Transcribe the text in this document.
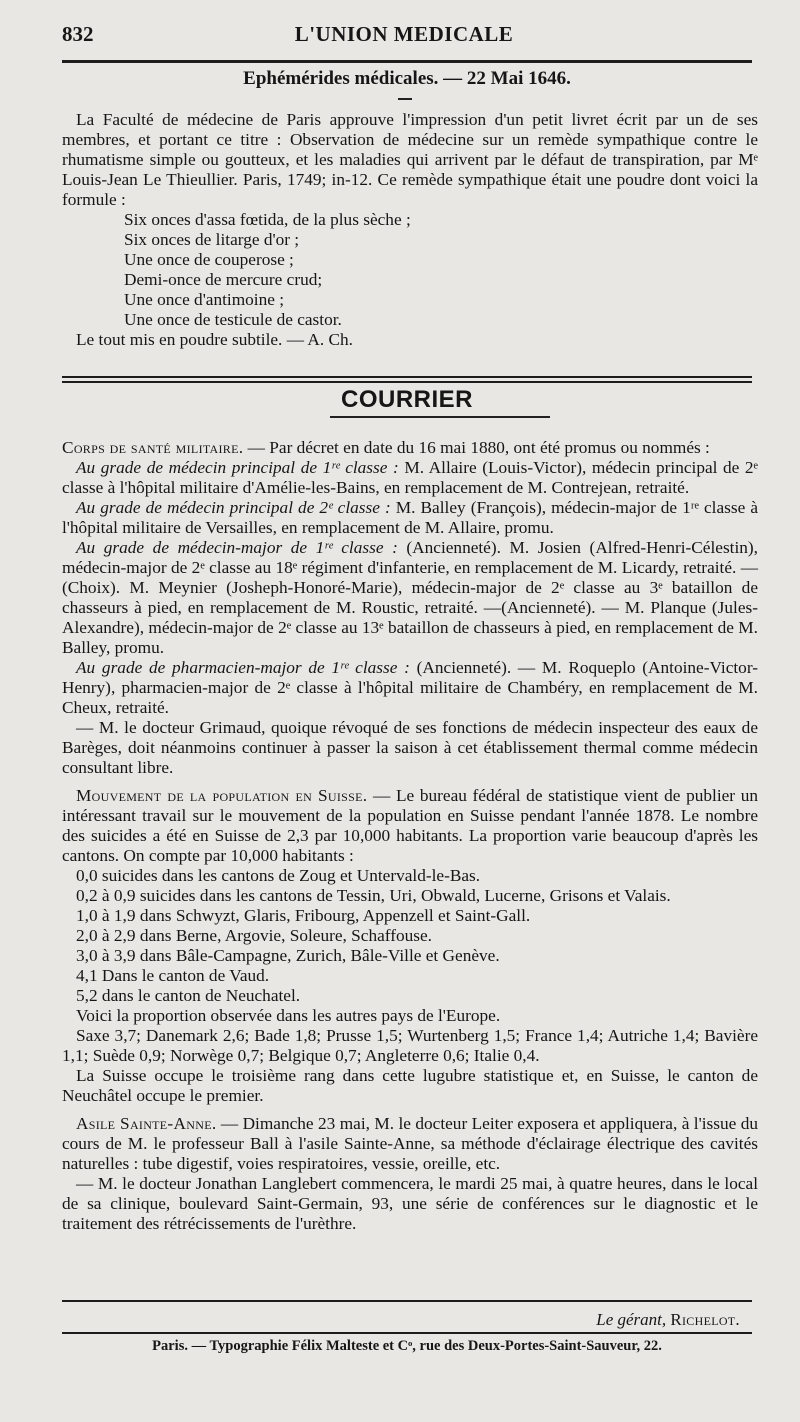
832	L'UNION MEDICALE
Ephémérides médicales. — 22 Mai 1646.

La Faculté de médecine de Paris approuve l'impression d'un petit livret écrit par un de ses membres, et portant ce titre : Observation de médecine sur un remède sympathique contre le rhumatisme simple ou goutteux, et les maladies qui arrivent par le défaut de transpiration, par Mᵉ Louis-Jean Le Thieullier. Paris, 1749; in-12. Ce remède sympathique était une poudre dont voici la formule :

Six onces d'assa fœtida, de la plus sèche ;
Six onces de litarge d'or ;
Une once de couperose ;
Demi-once de mercure crud;
Une once d'antimoine ;
Une once de testicule de castor.

Le tout mis en poudre subtile. — A. Ch.

COURRIER

Corps de santé militaire. — Par décret en date du 16 mai 1880, ont été promus ou nommés :

Au grade de médecin principal de 1ʳᵉ classe : M. Allaire (Louis-Victor), médecin principal de 2ᵉ classe à l'hôpital militaire d'Amélie-les-Bains, en remplacement de M. Contrejean, retraité.

Au grade de médecin principal de 2ᵉ classe : M. Balley (François), médecin-major de 1ʳᵉ classe à l'hôpital militaire de Versailles, en remplacement de M. Allaire, promu.

Au grade de médecin-major de 1ʳᵉ classe : (Ancienneté). M. Josien (Alfred-Henri-Célestin), médecin-major de 2ᵉ classe au 18ᵉ régiment d'infanterie, en remplacement de M. Licardy, retraité. — (Choix). M. Meynier (Josheph-Honoré-Marie), médecin-major de 2ᵉ classe au 3ᵉ bataillon de chasseurs à pied, en remplacement de M. Roustic, retraité. —(Ancienneté). — M. Planque (Jules-Alexandre), médecin-major de 2ᵉ classe au 13ᵉ bataillon de chasseurs à pied, en remplacement de M. Balley, promu.

Au grade de pharmacien-major de 1ʳᵉ classe : (Ancienneté). — M. Roqueplo (Antoine-Victor-Henry), pharmacien-major de 2ᵉ classe à l'hôpital militaire de Chambéry, en remplacement de M. Cheux, retraité.

— M. le docteur Grimaud, quoique révoqué de ses fonctions de médecin inspecteur des eaux de Barèges, doit néanmoins continuer à passer la saison à cet établissement thermal comme médecin consultant libre.

Mouvement de la population en Suisse. — Le bureau fédéral de statistique vient de publier un intéressant travail sur le mouvement de la population en Suisse pendant l'année 1878. Le nombre des suicides a été en Suisse de 2,3 par 10,000 habitants. La proportion varie beaucoup d'après les cantons. On compte par 10,000 habitants :

0,0 suicides dans les cantons de Zoug et Untervald-le-Bas.
0,2 à 0,9 suicides dans les cantons de Tessin, Uri, Obwald, Lucerne, Grisons et Valais.
1,0 à 1,9 dans Schwyzt, Glaris, Fribourg, Appenzell et Saint-Gall.
2,0 à 2,9 dans Berne, Argovie, Soleure, Schaffouse.
3,0 à 3,9 dans Bâle-Campagne, Zurich, Bâle-Ville et Genève.
4,1 Dans le canton de Vaud.
5,2 dans le canton de Neuchatel.
Voici la proportion observée dans les autres pays de l'Europe.

Saxe 3,7; Danemark 2,6; Bade 1,8; Prusse 1,5; Wurtenberg 1,5; France 1,4; Autriche 1,4; Bavière 1,1; Suède 0,9; Norwège 0,7; Belgique 0,7; Angleterre 0,6; Italie 0,4.

La Suisse occupe le troisième rang dans cette lugubre statistique et, en Suisse, le canton de Neuchâtel occupe le premier.

Asile Sainte-Anne. — Dimanche 23 mai, M. le docteur Leiter exposera et appliquera, à l'issue du cours de M. le professeur Ball à l'asile Sainte-Anne, sa méthode d'éclairage électrique des cavités naturelles : tube digestif, voies respiratoires, vessie, oreille, etc.

— M. le docteur Jonathan Langlebert commencera, le mardi 25 mai, à quatre heures, dans le local de sa clinique, boulevard Saint-Germain, 93, une série de conférences sur le diagnostic et le traitement des rétrécissements de l'urèthre.

Le gérant, Richelot.
Paris. — Typographie Félix Malteste et Cᵒ, rue des Deux-Portes-Saint-Sauveur, 22.
